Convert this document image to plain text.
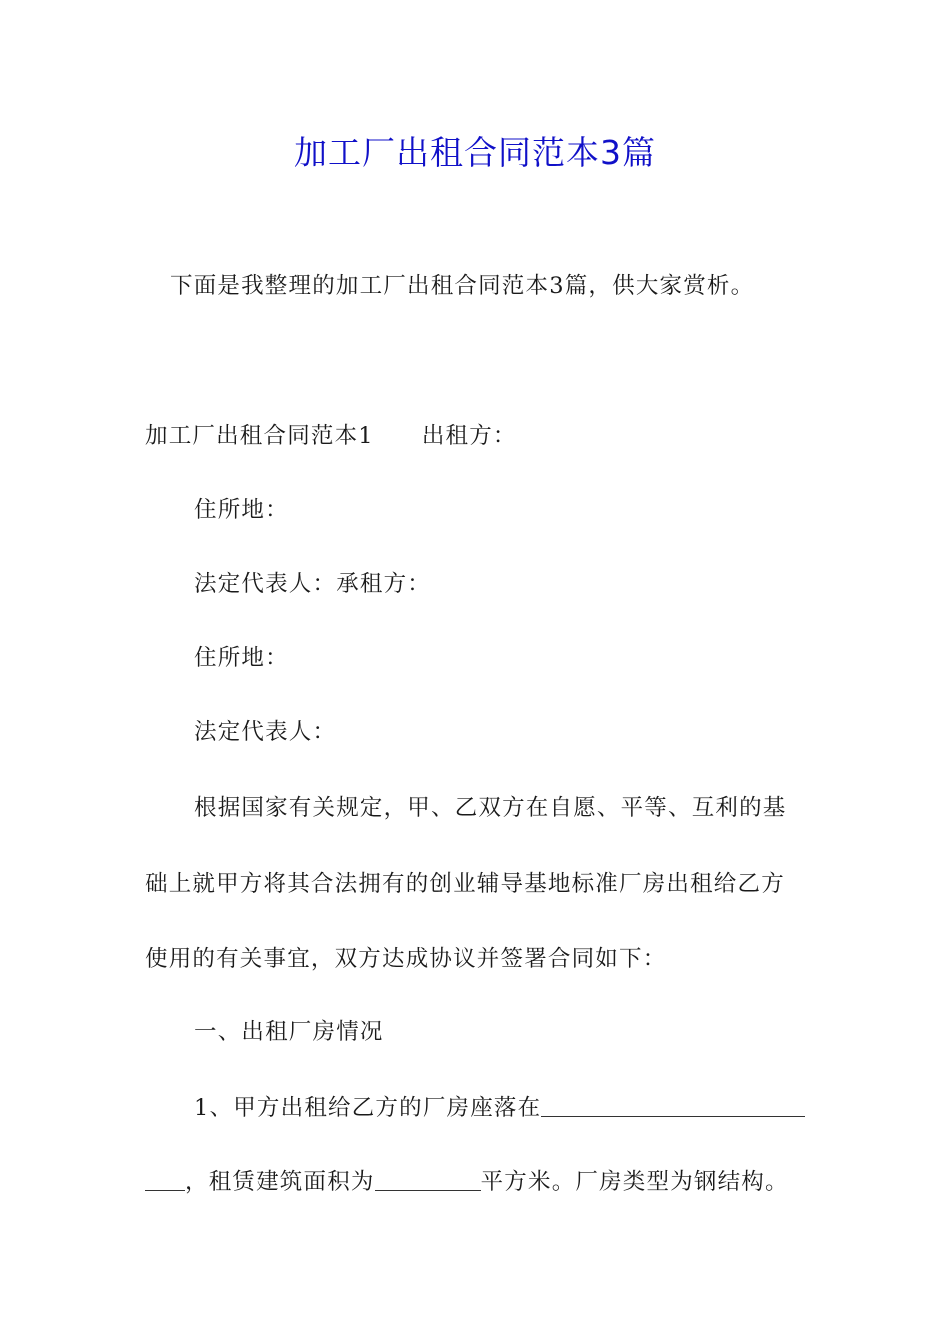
加工厂出租合同范本3篇
下面是我整理的加工厂出租合同范本3篇，供大家赏析。
加工厂出租合同范本1 出租方：
住所地：
法定代表人：承租方：
住所地：
法定代表人：
根据国家有关规定，甲、乙双方在自愿、平等、互利的基
础上就甲方将其合法拥有的创业辅导基地标准厂房出租给乙方
使用的有关事宜，双方达成协议并签署合同如下：
一、出租厂房情况
1、甲方出租给乙方的厂房座落在
，租赁建筑面积为	平方米。厂房类型为钢结构。
